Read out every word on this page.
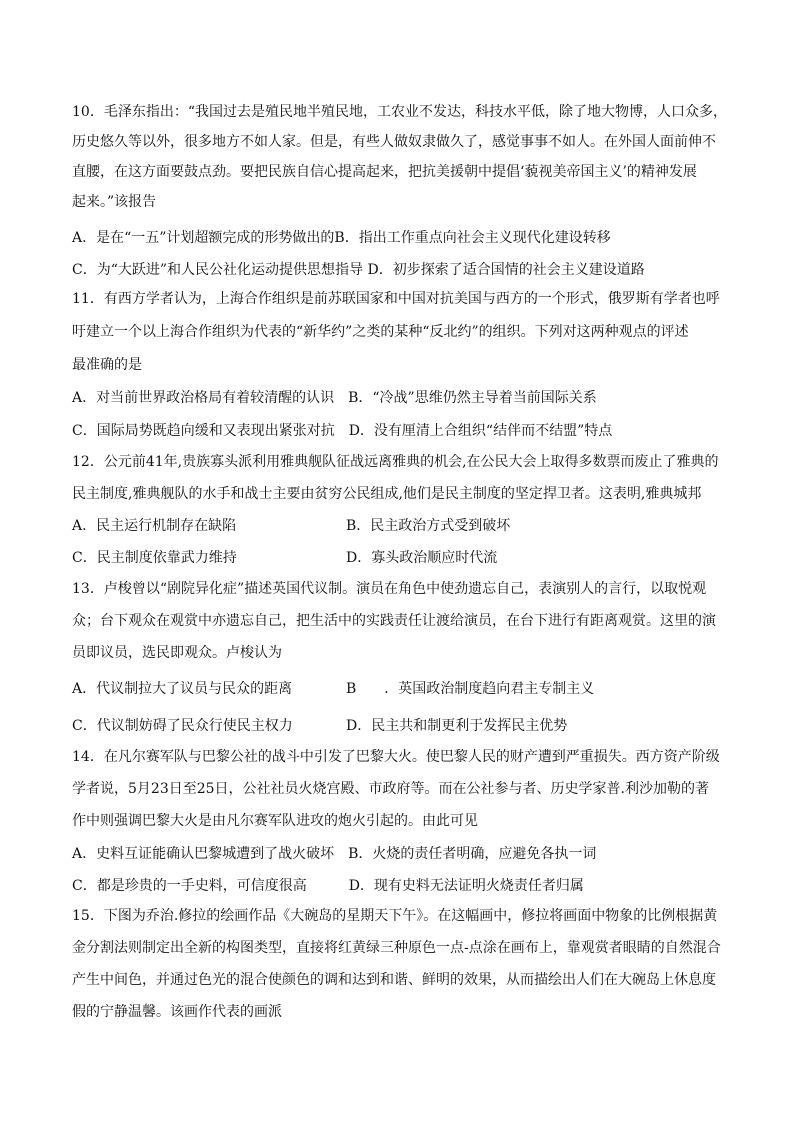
10．毛泽东指出：“我国过去是殖民地半殖民地，工农业不发达，科技水平低，除了地大物博，人口众多，
历史悠久等以外，很多地方不如人家。但是，有些人做奴隶做久了，感觉事事不如人。在外国人面前伸不
直腰，在这方面要鼓点劲。要把民族自信心提高起来，把抗美援朝中提倡‘藐视美帝国主义’的精神发展
起来。”该报告
A．是在“一五”计划超额完成的形势做出的B．指出工作重点向社会主义现代化建设转移
C．为“大跃进”和人民公社化运动提供思想指导 D．初步探索了适合国情的社会主义建设道路
11．有西方学者认为，上海合作组织是前苏联国家和中国对抗美国与西方的一个形式，俄罗斯有学者也呼
吁建立一个以上海合作组织为代表的“新华约”之类的某种“反北约”的组织。下列对这两种观点的评述
最准确的是
A．对当前世界政治格局有着较清醒的认识　B．“冷战”思维仍然主导着当前国际关系
C．国际局势既趋向缓和又表现出紧张对抗　D．没有厘清上合组织“结伴而不结盟”特点
12．公元前41年,贵族寡头派利用雅典舰队征战远离雅典的机会,在公民大会上取得多数票而废止了雅典的
民主制度,雅典舰队的水手和战士主要由贫穷公民组成,他们是民主制度的坚定捍卫者。这表明,雅典城邦
A．民主运行机制存在缺陷	B．民主政治方式受到破坏
C．民主制度依靠武力维持	D．寡头政治顺应时代流
13．卢梭曾以“剧院异化症”描述英国代议制。演员在角色中使劲遗忘自己，表演别人的言行，以取悦观
众；台下观众在观赏中亦遗忘自己，把生活中的实践责任让渡给演员，在台下进行有距离观赏。这里的演
员即议员，选民即观众。卢梭认为
A．代议制拉大了议员与民众的距离	B　　．英国政治制度趋向君主专制主义
C．代议制妨碍了民众行使民主权力	D．民主共和制更利于发挥民主优势
14．在凡尔赛军队与巴黎公社的战斗中引发了巴黎大火。使巴黎人民的财产遭到严重损失。西方资产阶级
学者说，5月23日至25日，公社社员火烧宫殿、市政府等。而在公社参与者、历史学家普.利沙加勒的著
作中则强调巴黎大火是由凡尔赛军队进攻的炮火引起的。由此可见
A．史料互证能确认巴黎城遭到了战火破坏　B．火烧的责任者明确，应避免各执一词
C．都是珍贵的一手史料，可信度很高　　　D．现有史料无法证明火烧责任者归属
15．下图为乔治.修拉的绘画作品《大碗岛的星期天下午》。在这幅画中，修拉将画面中物象的比例根据黄
金分割法则制定出全新的构图类型，直接将红黄绿三种原色一点-点涂在画布上，靠观赏者眼睛的自然混合
产生中间色，并通过色光的混合使颜色的调和达到和谐、鲜明的效果，从而描绘出人们在大碗岛上休息度
假的宁静温馨。该画作代表的画派
